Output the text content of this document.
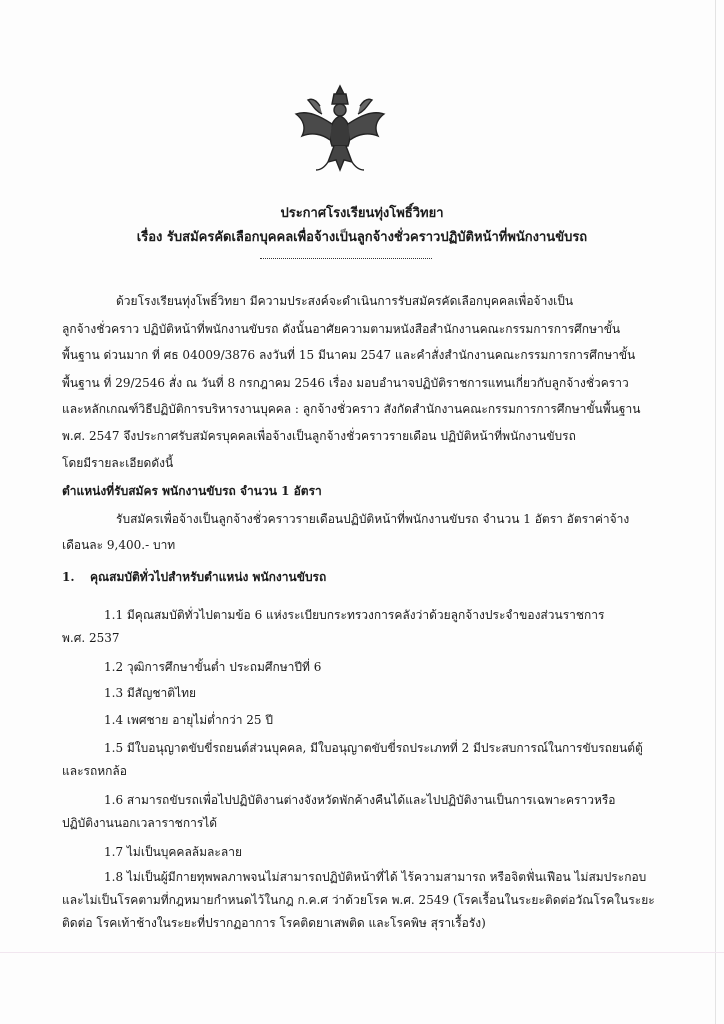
ประกาศโรงเรียนทุ่งโพธิ์วิทยา
เรื่อง รับสมัครคัดเลือกบุคคลเพื่อจ้างเป็นลูกจ้างชั่วคราวปฏิบัติหน้าที่พนักงานขับรถ
ด้วยโรงเรียนทุ่งโพธิ์วิทยา มีความประสงค์จะดำเนินการรับสมัครคัดเลือกบุคคลเพื่อจ้างเป็น
ลูกจ้างชั่วคราว ปฏิบัติหน้าที่พนักงานขับรถ ดังนั้นอาศัยความตามหนังสือสำนักงานคณะกรรมการการศึกษาขั้น
พื้นฐาน ด่วนมาก ที่ ศธ 04009/3876 ลงวันที่ 15 มีนาคม 2547 และคำสั่งสำนักงานคณะกรรมการการศึกษาขั้น
พื้นฐาน ที่ 29/2546 สั่ง ณ วันที่ 8 กรกฎาคม 2546 เรื่อง มอบอำนาจปฏิบัติราชการแทนเกี่ยวกับลูกจ้างชั่วคราว
และหลักเกณฑ์วิธีปฏิบัติการบริหารงานบุคคล : ลูกจ้างชั่วคราว สังกัดสำนักงานคณะกรรมการการศึกษาขั้นพื้นฐาน
พ.ศ. 2547 จึงประกาศรับสมัครบุคคลเพื่อจ้างเป็นลูกจ้างชั่วคราวรายเดือน ปฏิบัติหน้าที่พนักงานขับรถ
โดยมีรายละเอียดดังนี้
ตำแหน่งที่รับสมัคร พนักงานขับรถ จำนวน 1 อัตรา
รับสมัครเพื่อจ้างเป็นลูกจ้างชั่วคราวรายเดือนปฏิบัติหน้าที่พนักงานขับรถ จำนวน 1 อัตรา อัตราค่าจ้าง
เดือนละ 9,400.- บาท
1. คุณสมบัติทั่วไปสำหรับตำแหน่ง พนักงานขับรถ
1.1 มีคุณสมบัติทั่วไปตามข้อ 6 แห่งระเบียบกระทรวงการคลังว่าด้วยลูกจ้างประจำของส่วนราชการ
พ.ศ. 2537
1.2 วุฒิการศึกษาขั้นต่ำ ประถมศึกษาปีที่ 6
1.3 มีสัญชาติไทย
1.4 เพศชาย อายุไม่ต่ำกว่า 25 ปี
1.5 มีใบอนุญาตขับขี่รถยนต์ส่วนบุคคล, มีใบอนุญาตขับขี่รถประเภทที่ 2 มีประสบการณ์ในการขับรถยนต์ตู้
และรถหกล้อ
1.6 สามารถขับรถเพื่อไปปฏิบัติงานต่างจังหวัดพักค้างคืนได้และไปปฏิบัติงานเป็นการเฉพาะคราวหรือ
ปฏิบัติงานนอกเวลาราชการได้
1.7 ไม่เป็นบุคคลล้มละลาย
1.8 ไม่เป็นผู้มีกายทุพพลภาพจนไม่สามารถปฏิบัติหน้าที่ได้ ไร้ความสามารถ หรือจิตฟั่นเฟือน ไม่สมประกอบ
และไม่เป็นโรคตามที่กฎหมายกำหนดไว้ในกฎ ก.ค.ศ ว่าด้วยโรค พ.ศ. 2549 (โรคเรื้อนในระยะติดต่อวัณโรคในระยะ
ติดต่อ โรคเท้าช้างในระยะที่ปรากฏอาการ โรคติดยาเสพติด และโรคพิษ สุราเรื้อรัง)
